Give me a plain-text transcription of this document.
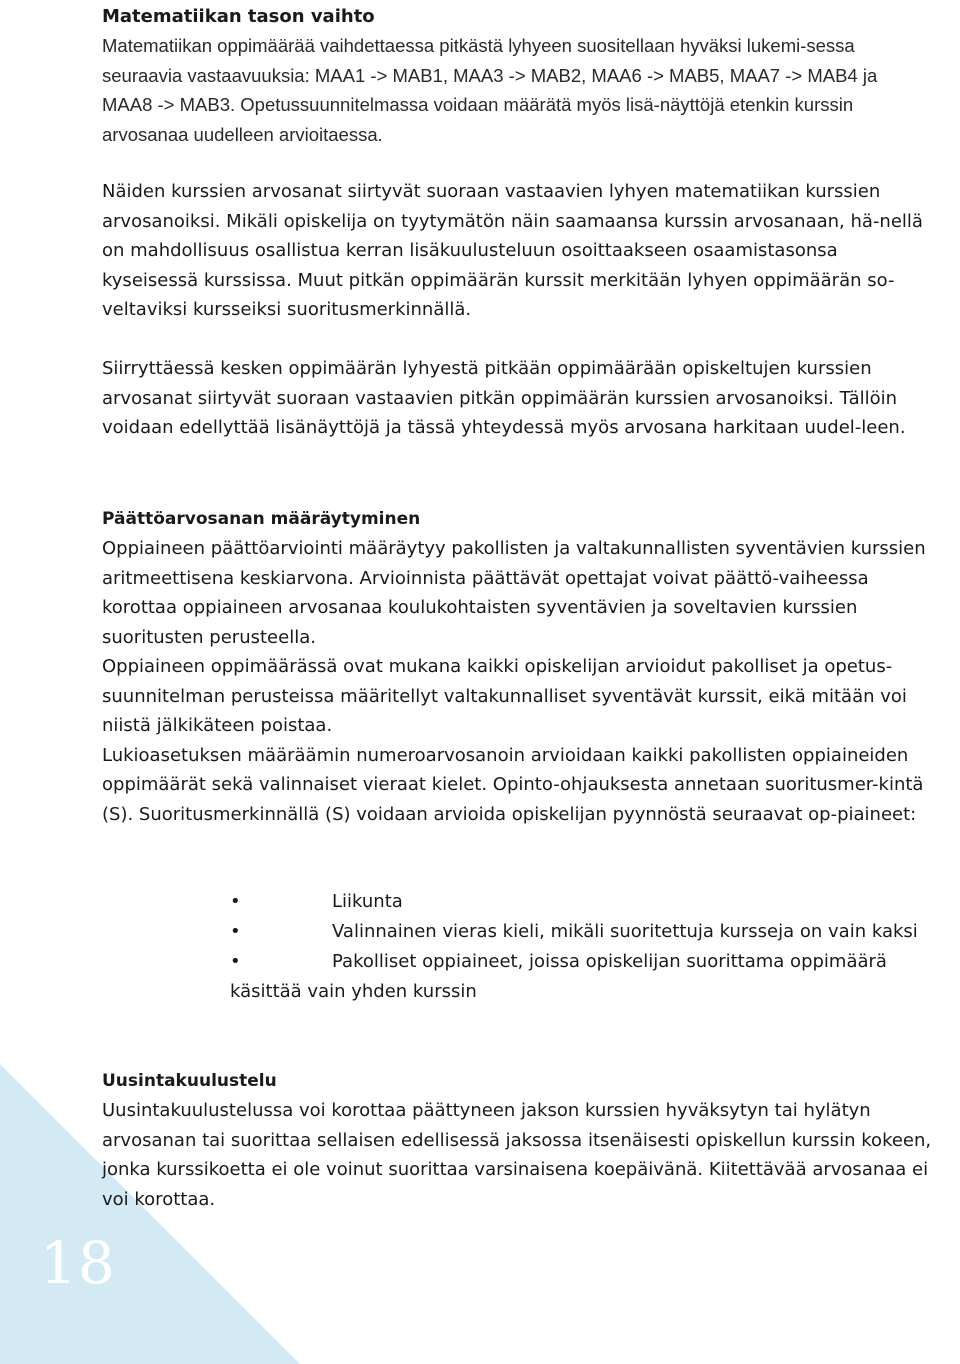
18
Matematiikan tason vaihto

Matematiikan oppimäärää vaihdettaessa pitkästä lyhyeen suositellaan hyväksi lukemi-sessa seuraavia vastaavuuksia: MAA1 -> MAB1, MAA3 -> MAB2, MAA6 -> MAB5, MAA7 -> MAB4 ja MAA8 -> MAB3. Opetussuunnitelmassa voidaan määrätä myös lisä-näyttöjä etenkin kurssin arvosanaa uudelleen arvioitaessa.

Näiden kurssien arvosanat siirtyvät suoraan vastaavien lyhyen matematiikan kurssien arvosanoiksi. Mikäli opiskelija on tyytymätön näin saamaansa kurssin arvosanaan, hä-nellä on mahdollisuus osallistua kerran lisäkuulusteluun osoittaakseen osaamistasonsa kyseisessä kurssissa. Muut pitkän oppimäärän kurssit merkitään lyhyen oppimäärän so-veltaviksi kursseiksi suoritusmerkinnällä.

Siirryttäessä kesken oppimäärän lyhyestä pitkään oppimäärään opiskeltujen kurssien arvosanat siirtyvät suoraan vastaavien pitkän oppimäärän kurssien arvosanoiksi. Tällöin voidaan edellyttää lisänäyttöjä ja tässä yhteydessä myös arvosana harkitaan uudel-leen.

Päättöarvosanan määräytyminen

Oppiaineen päättöarviointi määräytyy pakollisten ja valtakunnallisten syventävien kurssien aritmeettisena keskiarvona. Arvioinnista päättävät opettajat voivat päättö-vaiheessa korottaa oppiaineen arvosanaa koulukohtaisten syventävien ja soveltavien kurssien suoritusten perusteella.

Oppiaineen oppimäärässä ovat mukana kaikki opiskelijan arvioidut pakolliset ja opetus-suunnitelman perusteissa määritellyt valtakunnalliset syventävät kurssit, eikä mitään voi niistä jälkikäteen poistaa.

Lukioasetuksen määräämin numeroarvosanoin arvioidaan kaikki pakollisten oppiaineiden oppimäärät sekä valinnaiset vieraat kielet. Opinto-ohjauksesta annetaan suoritusmer-kintä (S). Suoritusmerkinnällä (S) voidaan arvioida opiskelijan pyynnöstä seuraavat op-piaineet:

•	Liikunta
•	Valinnainen vieras kieli, mikäli suoritettuja kursseja on vain kaksi
•	Pakolliset oppiaineet, joissa opiskelijan suorittama oppimäärä käsittää vain yhden kurssin
Uusintakuulustelu

Uusintakuulustelussa voi korottaa päättyneen jakson kurssien hyväksytyn tai hylätyn arvosanan tai suorittaa sellaisen edellisessä jaksossa itsenäisesti opiskellun kurssin kokeen, jonka kurssikoetta ei ole voinut suorittaa varsinaisena koepäivänä. Kiitettävää arvosanaa ei voi korottaa.
